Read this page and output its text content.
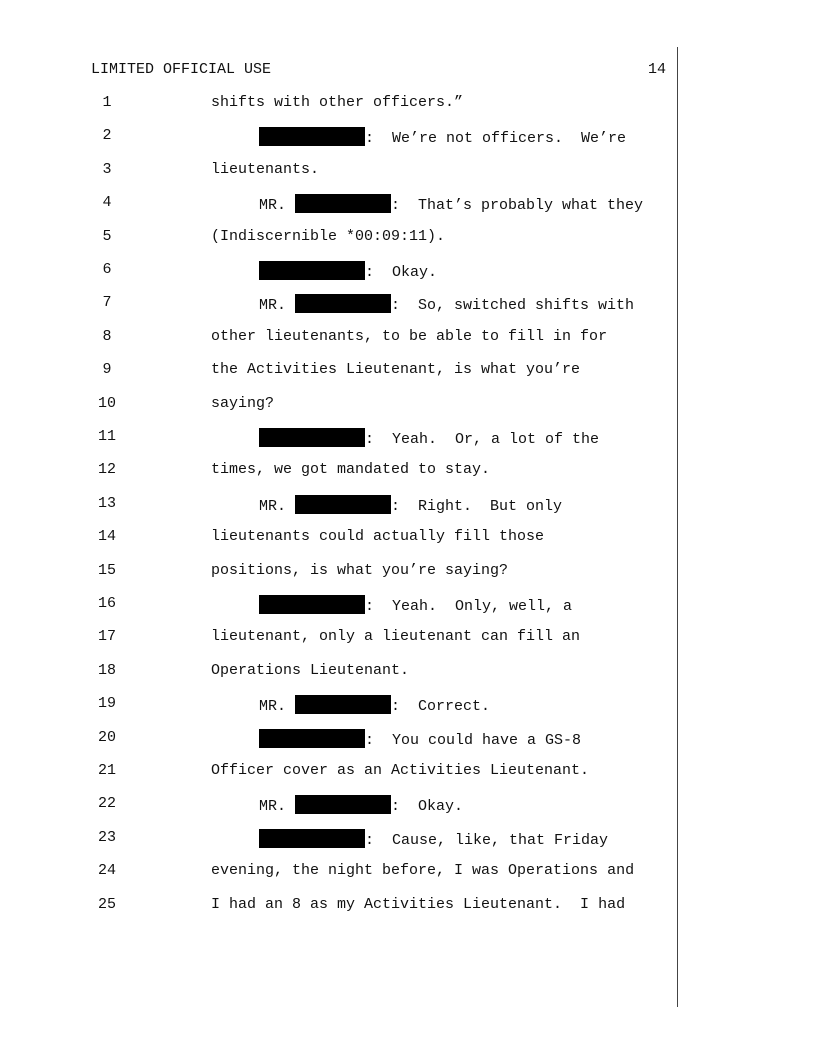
LIMITED OFFICIAL USE	14
1	shifts with other officers.”
2	:  We’re not officers.  We’re
3	lieutenants.
4	MR.	:  That’s probably what they
5	(Indiscernible *00:09:11).
6	:  Okay.
7	MR.	:  So, switched shifts with
8	other lieutenants, to be able to fill in for
9	the Activities Lieutenant, is what you’re
10	saying?
11	:  Yeah.  Or, a lot of the
12	times, we got mandated to stay.
13	MR.	:  Right.  But only
14	lieutenants could actually fill those
15	positions, is what you’re saying?
16	:  Yeah.  Only, well, a
17	lieutenant, only a lieutenant can fill an
18	Operations Lieutenant.
19	MR.	:  Correct.
20	:  You could have a GS-8
21	Officer cover as an Activities Lieutenant.
22	MR.	:  Okay.
23	:  Cause, like, that Friday
24	evening, the night before, I was Operations and
25	I had an 8 as my Activities Lieutenant.  I had
